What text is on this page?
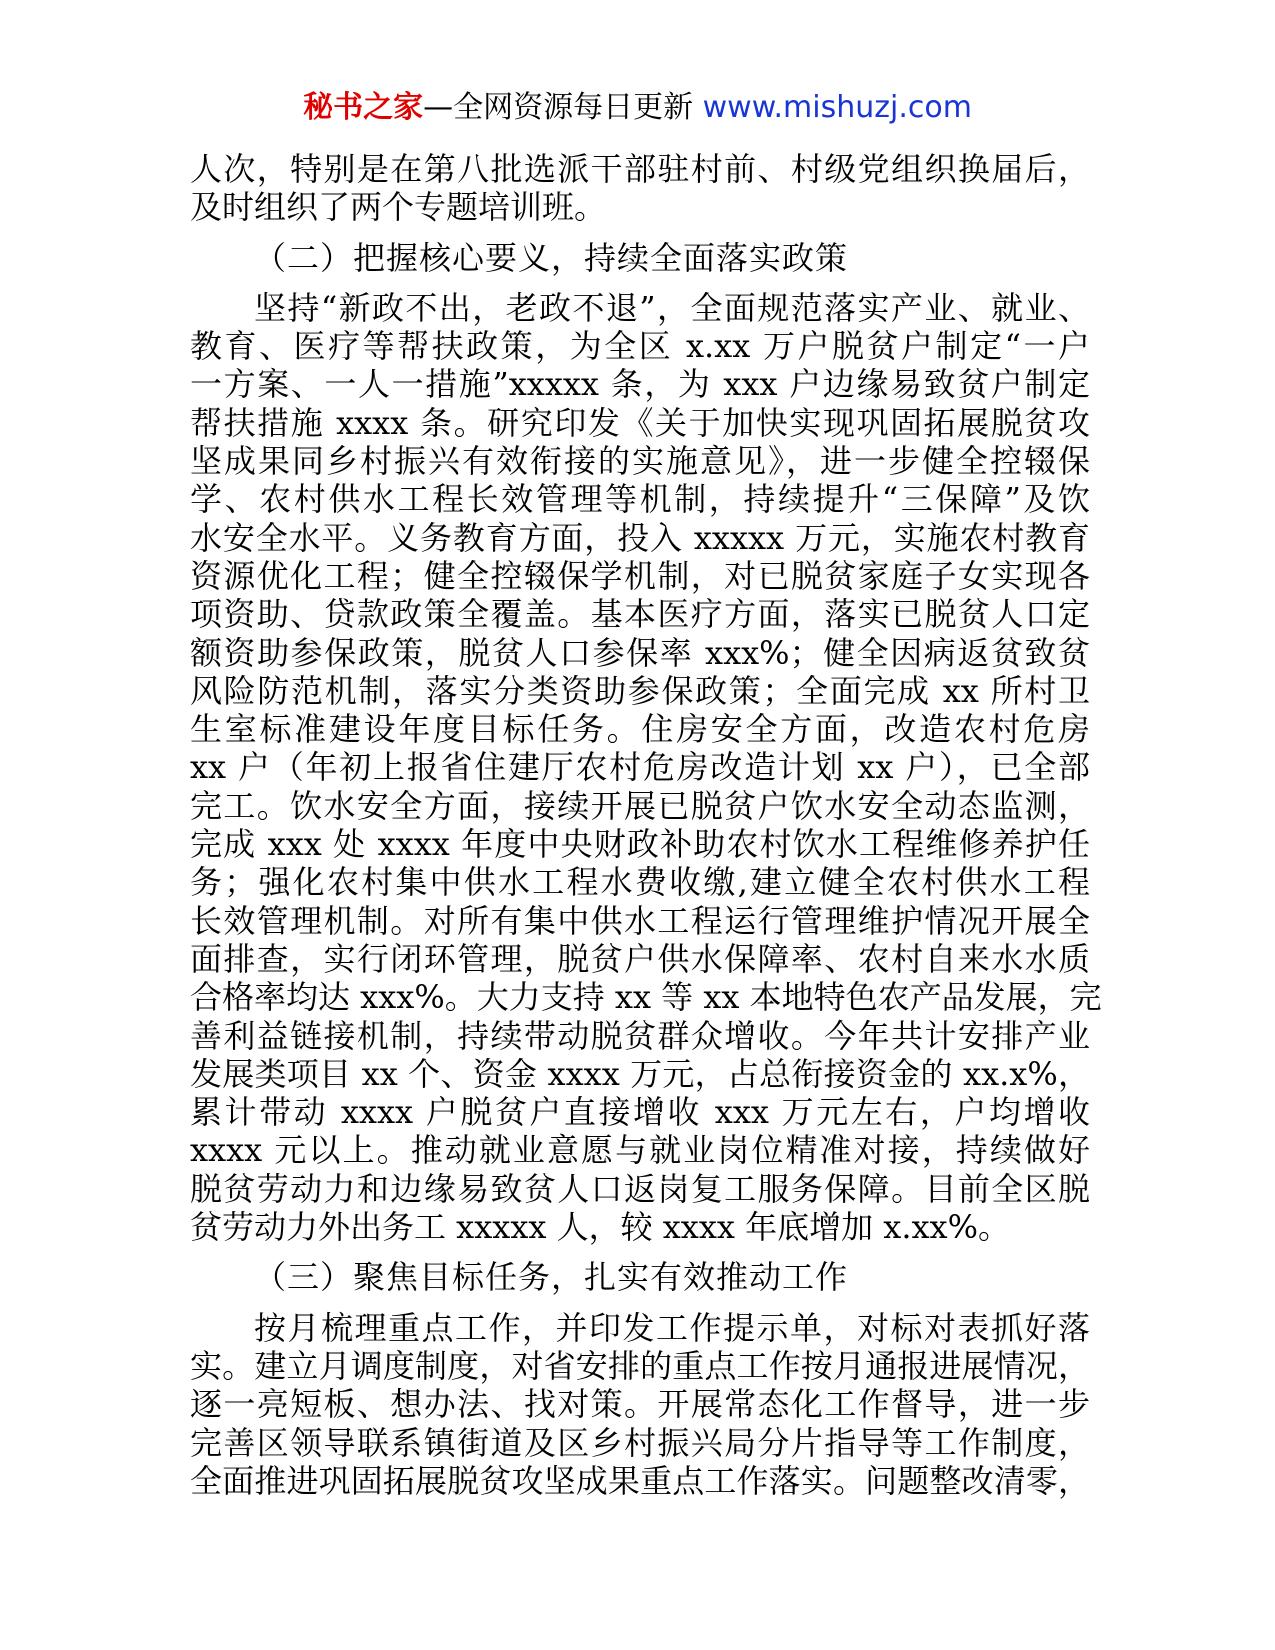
秘书之家—全网资源每日更新 www.mishuzj.com
人次，特别是在第八批选派干部驻村前、村级党组织换届后，
及时组织了两个专题培训班。
（二）把握核心要义，持续全面落实政策
坚持“新政不出，老政不退”，全面规范落实产业、就业、
教育、医疗等帮扶政策，为全区 x.xx 万户脱贫户制定“一户
一方案、一人一措施”xxxxx 条，为 xxx 户边缘易致贫户制定
帮扶措施 xxxx 条。研究印发《关于加快实现巩固拓展脱贫攻
坚成果同乡村振兴有效衔接的实施意见》，进一步健全控辍保
学、农村供水工程长效管理等机制，持续提升“三保障”及饮
水安全水平。义务教育方面，投入 xxxxx 万元，实施农村教育
资源优化工程；健全控辍保学机制，对已脱贫家庭子女实现各
项资助、贷款政策全覆盖。基本医疗方面，落实已脱贫人口定
额资助参保政策，脱贫人口参保率 xxx%；健全因病返贫致贫
风险防范机制，落实分类资助参保政策；全面完成 xx 所村卫
生室标准建设年度目标任务。住房安全方面，改造农村危房
xx 户（年初上报省住建厅农村危房改造计划 xx 户），已全部
完工。饮水安全方面，接续开展已脱贫户饮水安全动态监测，
完成 xxx 处 xxxx 年度中央财政补助农村饮水工程维修养护任
务；强化农村集中供水工程水费收缴,建立健全农村供水工程
长效管理机制。对所有集中供水工程运行管理维护情况开展全
面排查，实行闭环管理，脱贫户供水保障率、农村自来水水质
合格率均达 xxx%。大力支持 xx 等 xx 本地特色农产品发展，完
善利益链接机制，持续带动脱贫群众增收。今年共计安排产业
发展类项目 xx 个、资金 xxxx 万元，占总衔接资金的 xx.x%，
累计带动 xxxx 户脱贫户直接增收 xxx 万元左右，户均增收
xxxx 元以上。推动就业意愿与就业岗位精准对接，持续做好
脱贫劳动力和边缘易致贫人口返岗复工服务保障。目前全区脱
贫劳动力外出务工 xxxxx 人，较 xxxx 年底增加 x.xx%。
（三）聚焦目标任务，扎实有效推动工作
按月梳理重点工作，并印发工作提示单，对标对表抓好落
实。建立月调度制度，对省安排的重点工作按月通报进展情况，
逐一亮短板、想办法、找对策。开展常态化工作督导，进一步
完善区领导联系镇街道及区乡村振兴局分片指导等工作制度，
全面推进巩固拓展脱贫攻坚成果重点工作落实。问题整改清零，
